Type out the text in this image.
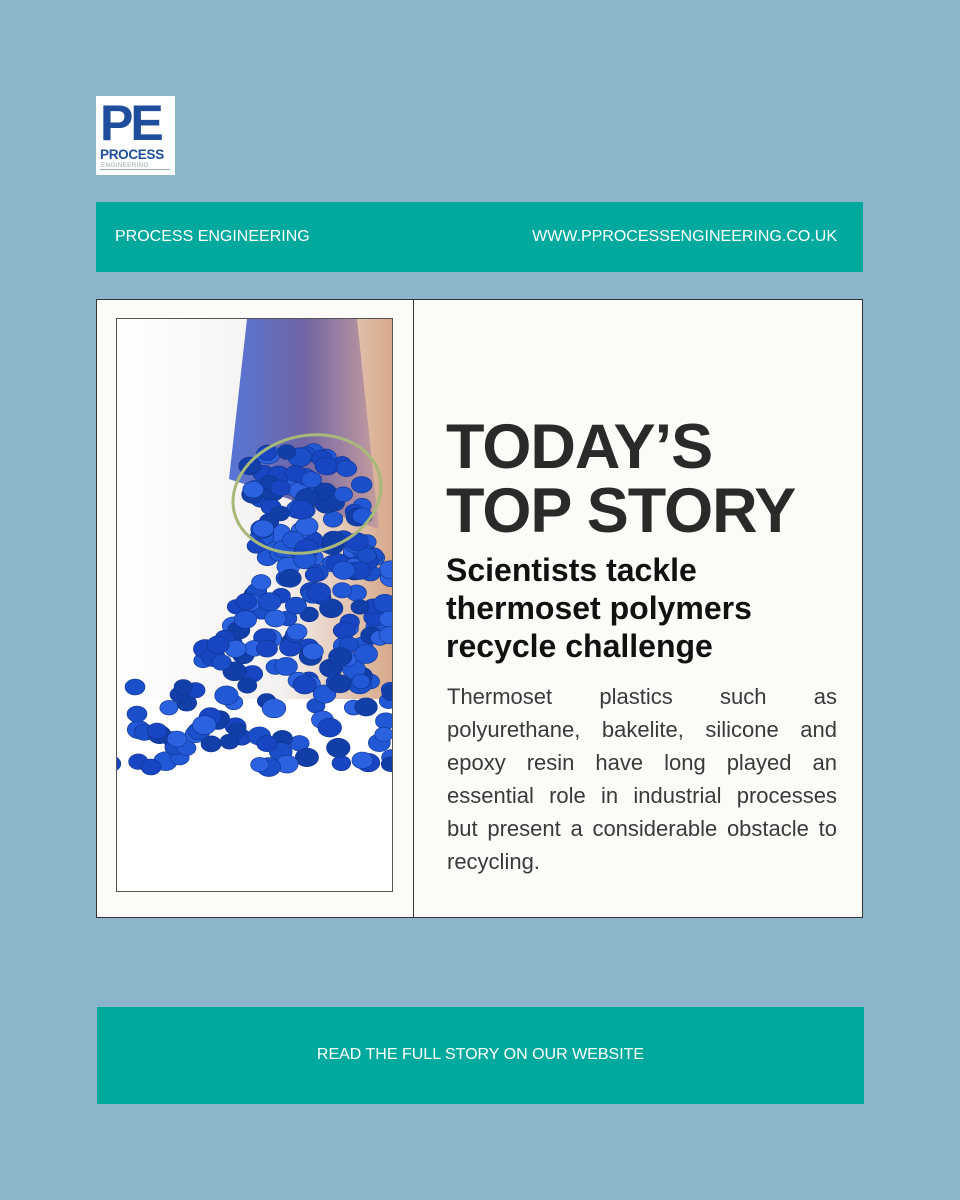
PE
PROCESS
ENGINEERING
PROCESS ENGINEERING	WWW.PPROCESSENGINEERING.CO.UK
TODAY’S
TOP STORY
Scientists tackle thermoset polymers recycle challenge
Thermoset plastics such as polyurethane, bakelite, silicone and epoxy resin have long played an essential role in industrial processes but present a considerable obstacle to recycling.
READ THE FULL STORY ON OUR WEBSITE
